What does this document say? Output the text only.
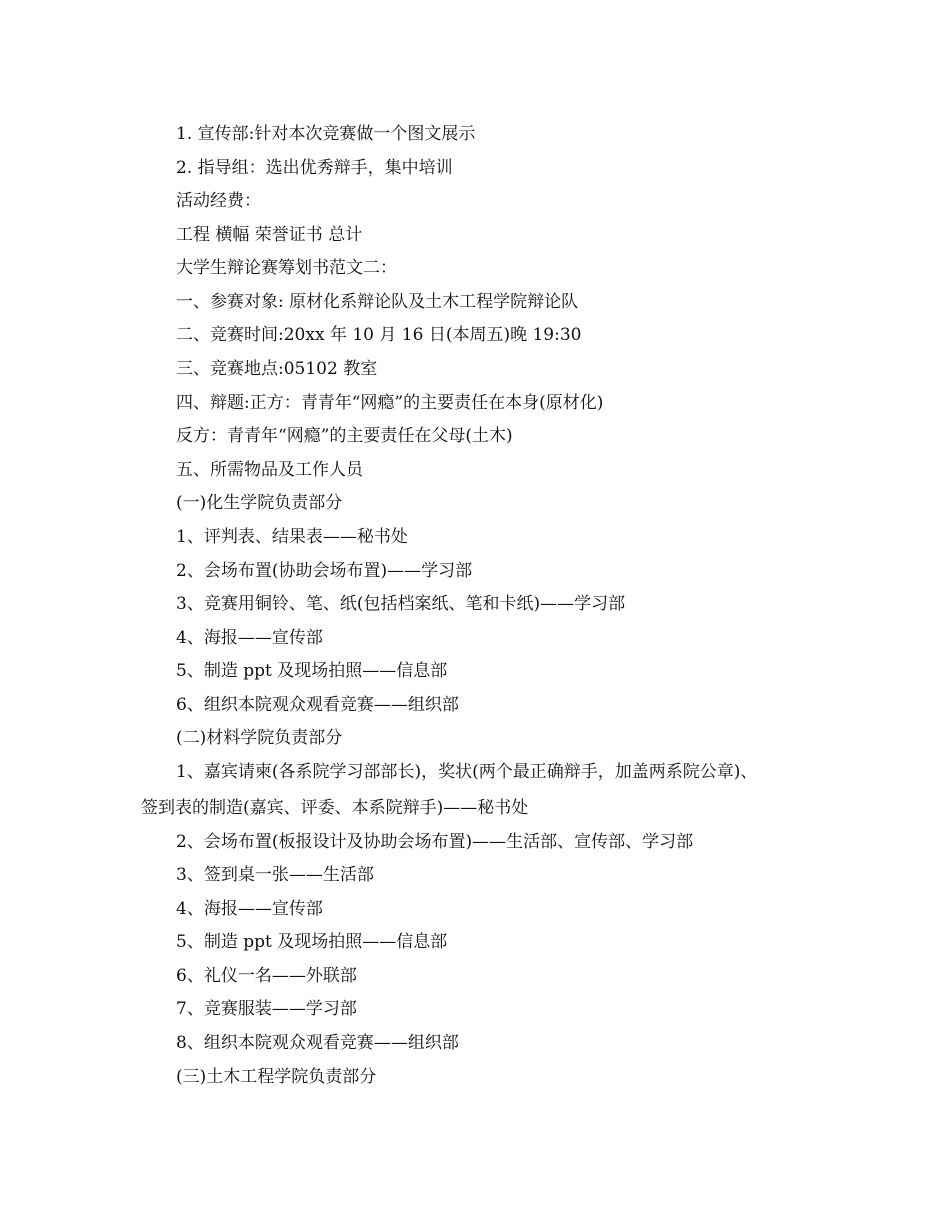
1. 宣传部:针对本次竞赛做一个图文展示
2. 指导组：选出优秀辩手，集中培训
活动经费：
工程 横幅 荣誉证书 总计
大学生辩论赛筹划书范文二：
一、参赛对象: 原材化系辩论队及土木工程学院辩论队
二、竞赛时间:20xx 年 10 月 16 日(本周五)晚 19:30
三、竞赛地点:05102 教室
四、辩题:正方：青青年“网瘾”的主要责任在本身(原材化)
反方：青青年“网瘾”的主要责任在父母(土木)
五、所需物品及工作人员
(一)化生学院负责部分
1、评判表、结果表——秘书处
2、会场布置(协助会场布置)——学习部
3、竞赛用铜铃、笔、纸(包括档案纸、笔和卡纸)——学习部
4、海报——宣传部
5、制造 ppt 及现场拍照——信息部
6、组织本院观众观看竞赛——组织部
(二)材料学院负责部分
1、嘉宾请柬(各系院学习部部长)，奖状(两个最正确辩手，加盖两系院公章)、
签到表的制造(嘉宾、评委、本系院辩手)——秘书处
2、会场布置(板报设计及协助会场布置)——生活部、宣传部、学习部
3、签到桌一张——生活部
4、海报——宣传部
5、制造 ppt 及现场拍照——信息部
6、礼仪一名——外联部
7、竞赛服装——学习部
8、组织本院观众观看竞赛——组织部
(三)土木工程学院负责部分
